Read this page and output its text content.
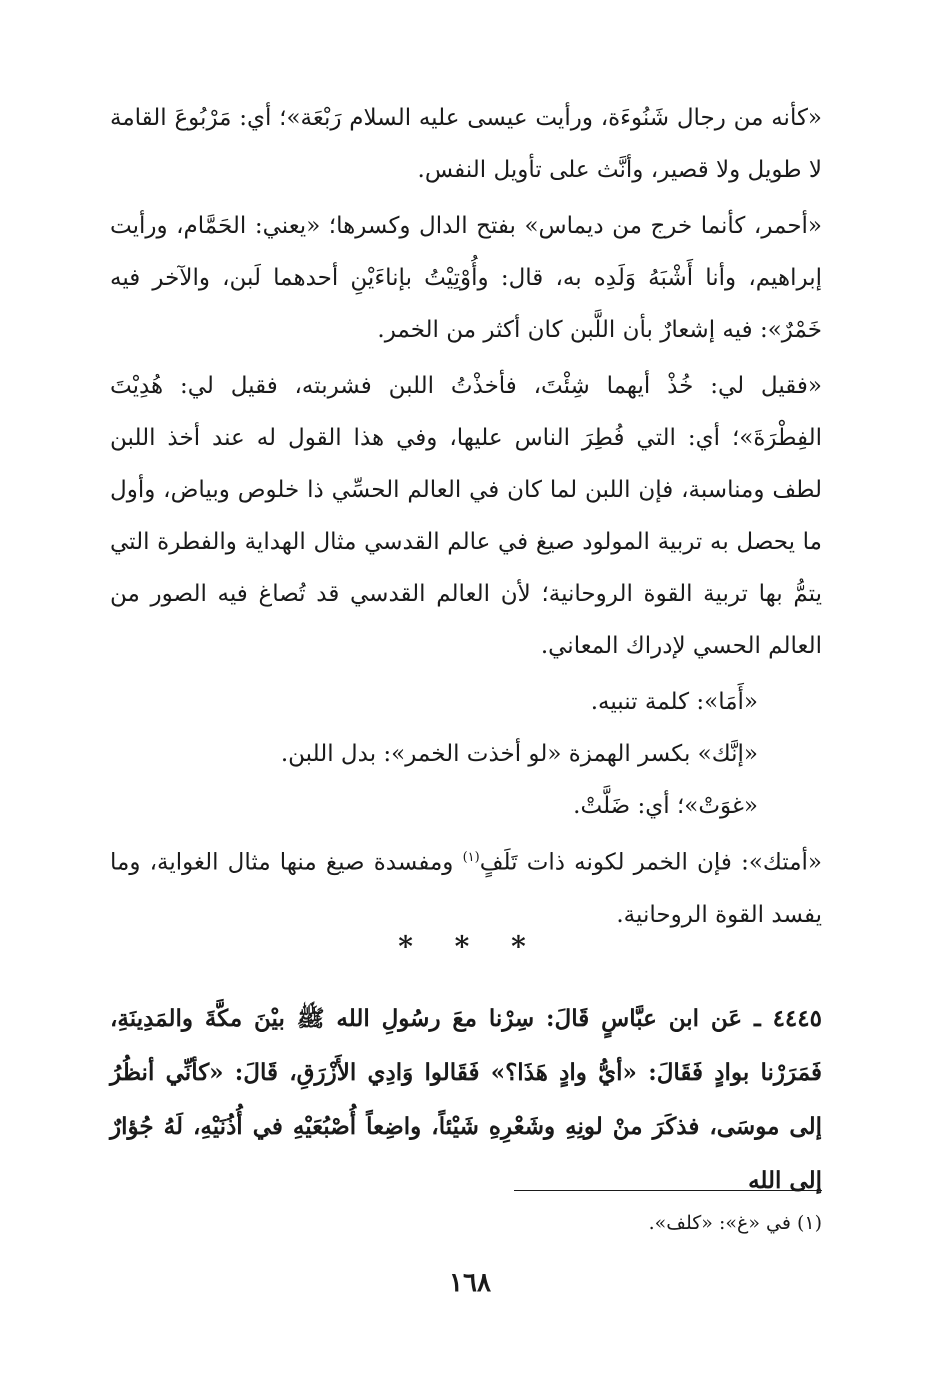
«كأنه من رجال شَنُوءَة، ورأيت عيسى عليه السلام رَبْعَة»؛ أي: مَرْبُوعَ القامة لا طويل ولا قصير، وأنَّث على تأويل النفس.

«أحمر، كأنما خرج من ديماس» بفتح الدال وكسرها؛ «يعني: الحَمَّام، ورأيت إبراهيم، وأنا أَشْبَهُ وَلَدِه به، قال: وأُوْتِيْتُ بإناءَيْنِ أحدهما لَبن، والآخر فيه خَمْرٌ»: فيه إشعارٌ بأن اللَّبن كان أكثر من الخمر.

«فقيل لي: خُذْ أيهما شِئْتَ، فأخذْتُ اللبن فشربته، فقيل لي: هُدِيْتَ الفِطْرَةَ»؛ أي: التي فُطِرَ الناس عليها، وفي هذا القول له عند أخذ اللبن لطف ومناسبة، فإن اللبن لما كان في العالم الحسِّي ذا خلوص وبياض، وأول ما يحصل به تربية المولود صيغ في عالم القدسي مثال الهداية والفطرة التي يتمُّ بها تربية القوة الروحانية؛ لأن العالم القدسي قد تُصاغ فيه الصور من العالم الحسي لإدراك المعاني.

«أَمَا»: كلمة تنبيه.

«إنَّك» بكسر الهمزة «لو أخذت الخمر»: بدل اللبن.

«غوَتْ»؛ أي: ضَلَّتْ.

«أمتك»: فإن الخمر لكونه ذات تَلَفٍ$^{(١)}$ ومفسدة صيغ منها مثال الغواية، وما يفسد القوة الروحانية.

* * *

٤٤٤٥ ـ عَن ابن عبَّاسٍ قَالَ: سِرْنا معَ رسُولِ الله ﷺ بيْنَ مكَّةَ والمَدِينَةِ، فَمَرَرْنا بوادٍ فَقَالَ: «أيُّ وادٍ هَذَا؟» فَقَالوا وَادِي الأَزْرَقِ، قَالَ: «كأنِّي أنظُرُ إلى موسَى، فذكَرَ منْ لونِهِ وشَعْرِهِ شَيْئاً، واضِعاً أُصْبُعَيْهِ في أُذُنَيْهِ، لَهُ جُؤارٌ إلى الله

(١) في «غ»: «كلف».
١٦٨
